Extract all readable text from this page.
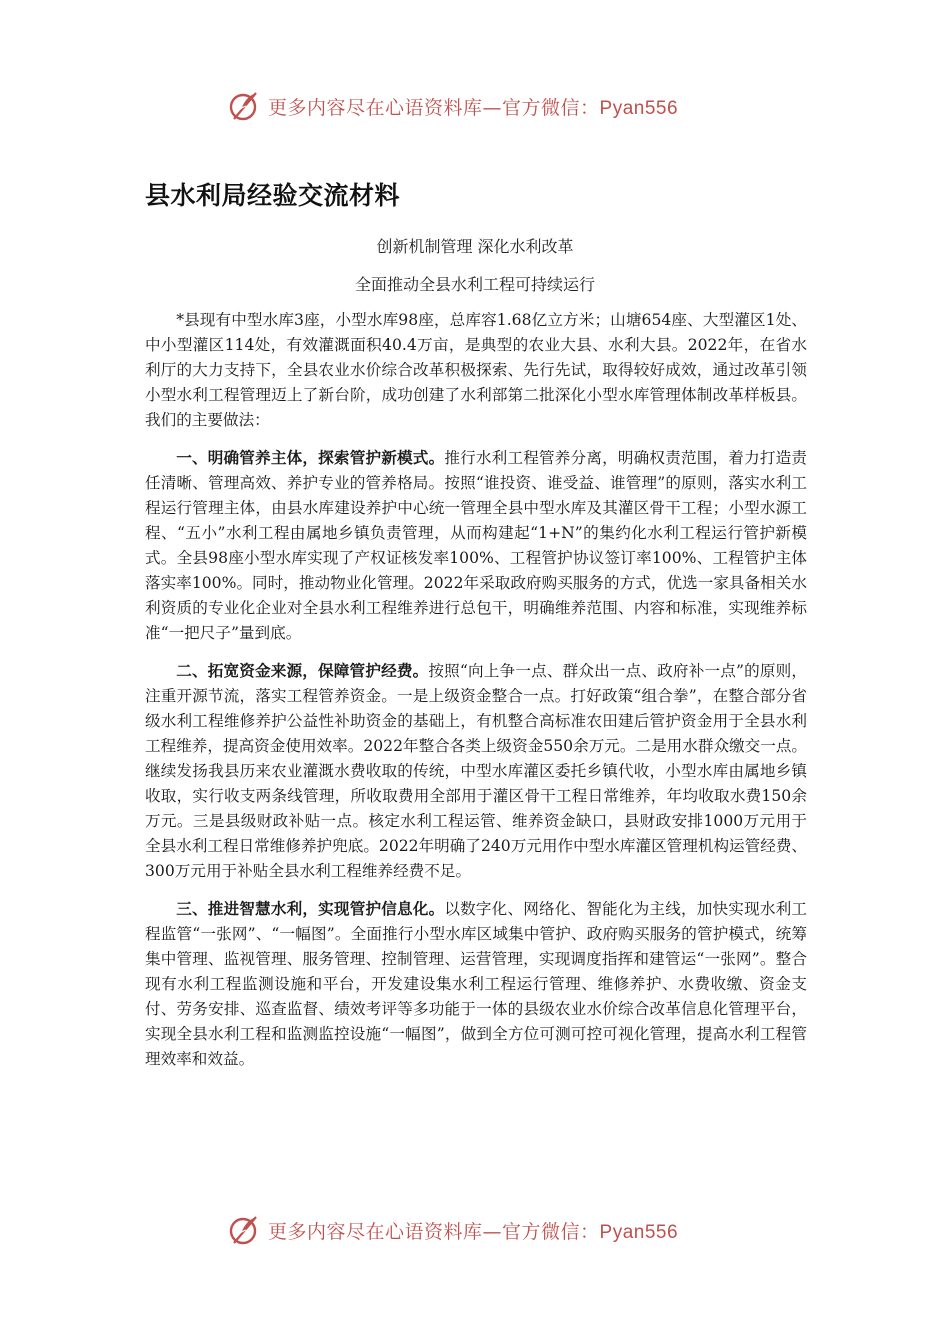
更多内容尽在心语资料库—官方微信：Pyan556
县水利局经验交流材料
创新机制管理 深化水利改革
全面推动全县水利工程可持续运行

*县现有中型水库3座，小型水库98座，总库容1.68亿立方米；山塘654座、大型灌区1处、中小型灌区114处，有效灌溉面积40.4万亩，是典型的农业大县、水利大县。2022年，在省水利厅的大力支持下，全县农业水价综合改革积极探索、先行先试，取得较好成效，通过改革引领小型水利工程管理迈上了新台阶，成功创建了水利部第二批深化小型水库管理体制改革样板县。我们的主要做法：

一、明确管养主体，探索管护新模式。推行水利工程管养分离，明确权责范围，着力打造责任清晰、管理高效、养护专业的管养格局。按照“谁投资、谁受益、谁管理”的原则，落实水利工程运行管理主体，由县水库建设养护中心统一管理全县中型水库及其灌区骨干工程；小型水源工程、“五小”水利工程由属地乡镇负责管理，从而构建起“1+N”的集约化水利工程运行管护新模式。全县98座小型水库实现了产权证核发率100%、工程管护协议签订率100%、工程管护主体落实率100%。同时，推动物业化管理。2022年采取政府购买服务的方式，优选一家具备相关水利资质的专业化企业对全县水利工程维养进行总包干，明确维养范围、内容和标准，实现维养标准“一把尺子”量到底。

二、拓宽资金来源，保障管护经费。按照“向上争一点、群众出一点、政府补一点”的原则，注重开源节流，落实工程管养资金。一是上级资金整合一点。打好政策“组合拳”，在整合部分省级水利工程维修养护公益性补助资金的基础上，有机整合高标准农田建后管护资金用于全县水利工程维养，提高资金使用效率。2022年整合各类上级资金550余万元。二是用水群众缴交一点。继续发扬我县历来农业灌溉水费收取的传统，中型水库灌区委托乡镇代收，小型水库由属地乡镇收取，实行收支两条线管理，所收取费用全部用于灌区骨干工程日常维养，年均收取水费150余万元。三是县级财政补贴一点。核定水利工程运管、维养资金缺口，县财政安排1000万元用于全县水利工程日常维修养护兜底。2022年明确了240万元用作中型水库灌区管理机构运管经费、300万元用于补贴全县水利工程维养经费不足。

三、推进智慧水利，实现管护信息化。以数字化、网络化、智能化为主线，加快实现水利工程监管“一张网”、“一幅图”。全面推行小型水库区域集中管护、政府购买服务的管护模式，统筹集中管理、监视管理、服务管理、控制管理、运营管理，实现调度指挥和建管运“一张网”。整合现有水利工程监测设施和平台，开发建设集水利工程运行管理、维修养护、水费收缴、资金支付、劳务安排、巡查监督、绩效考评等多功能于一体的县级农业水价综合改革信息化管理平台，实现全县水利工程和监测监控设施“一幅图”，做到全方位可测可控可视化管理，提高水利工程管理效率和效益。

更多内容尽在心语资料库—官方微信：Pyan556
